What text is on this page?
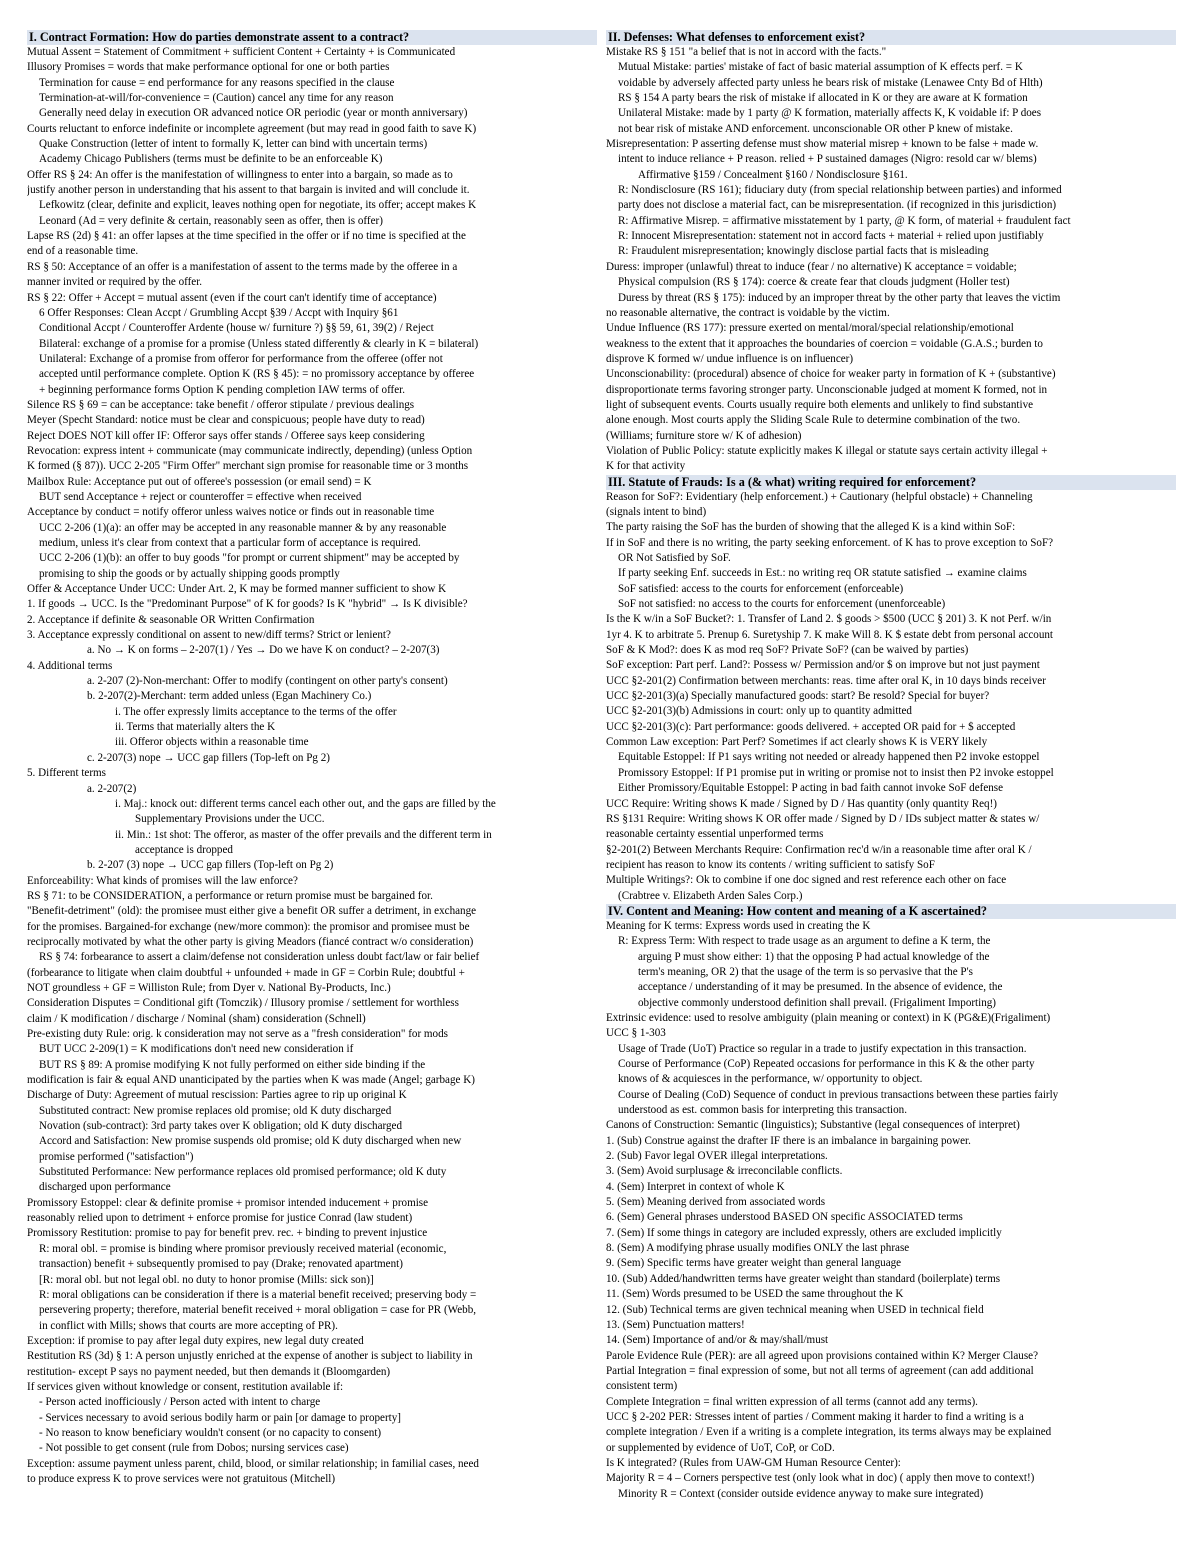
I. Contract Formation: How do parties demonstrate assent to a contract?
Mutual Assent = Statement of Commitment + sufficient Content + Certainty + is Communicated
Illusory Promises = words that make performance optional for one or both parties
Termination for cause = end performance for any reasons specified in the clause
Termination-at-will/for-convenience = (Caution) cancel any time for any reason
Generally need delay in execution OR advanced notice OR periodic (year or month anniversary)
Courts reluctant to enforce indefinite or incomplete agreement (but may read in good faith to save K)
Quake Construction (letter of intent to formally K, letter can bind with uncertain terms)
Academy Chicago Publishers (terms must be definite to be an enforceable K)
Offer RS § 24: An offer is the manifestation of willingness to enter into a bargain, so made as to
justify another person in understanding that his assent to that bargain is invited and will conclude it.
Lefkowitz (clear, definite and explicit, leaves nothing open for negotiate, its offer; accept makes K
Leonard (Ad = very definite & certain, reasonably seen as offer, then is offer)
Lapse RS (2d) § 41: an offer lapses at the time specified in the offer or if no time is specified at the
end of a reasonable time.
RS § 50: Acceptance of an offer is a manifestation of assent to the terms made by the offeree in a
manner invited or required by the offer.
RS § 22: Offer + Accept = mutual assent (even if the court can't identify time of acceptance)
6 Offer Responses: Clean Accpt / Grumbling Accpt §39 / Accpt with Inquiry §61
Conditional Accpt / Counteroffer Ardente (house w/ furniture ?) §§ 59, 61, 39(2) / Reject
Bilateral: exchange of a promise for a promise (Unless stated differently & clearly in K = bilateral)
Unilateral: Exchange of a promise from offeror for performance from the offeree (offer not
accepted until performance complete. Option K (RS § 45): = no promissory acceptance by offeree
+ beginning performance forms Option K pending completion IAW terms of offer.
Silence RS § 69 = can be acceptance: take benefit / offeror stipulate / previous dealings
Meyer (Specht Standard: notice must be clear and conspicuous; people have duty to read)
Reject DOES NOT kill offer IF: Offeror says offer stands / Offeree says keep considering
Revocation: express intent + communicate (may communicate indirectly, depending) (unless Option
K formed (§ 87)). UCC 2-205 "Firm Offer" merchant sign promise for reasonable time or 3 months
Mailbox Rule: Acceptance put out of offeree's possession (or email send) = K
BUT send Acceptance + reject or counteroffer = effective when received
Acceptance by conduct = notify offeror unless waives notice or finds out in reasonable time
UCC 2-206 (1)(a): an offer may be accepted in any reasonable manner & by any reasonable
medium, unless it's clear from context that a particular form of acceptance is required.
UCC 2-206 (1)(b): an offer to buy goods "for prompt or current shipment" may be accepted by
promising to ship the goods or by actually shipping goods promptly
Offer & Acceptance Under UCC: Under Art. 2, K may be formed manner sufficient to show K
1. If goods → UCC. Is the "Predominant Purpose" of K for goods? Is K "hybrid" → Is K divisible?
2. Acceptance if definite & seasonable OR Written Confirmation
3. Acceptance expressly conditional on assent to new/diff terms? Strict or lenient?
a. No → K on forms – 2-207(1) / Yes → Do we have K on conduct? – 2-207(3)
4. Additional terms
a. 2-207 (2)-Non-merchant: Offer to modify (contingent on other party's consent)
b. 2-207(2)-Merchant: term added unless (Egan Machinery Co.)
i. The offer expressly limits acceptance to the terms of the offer
ii. Terms that materially alters the K
iii. Offeror objects within a reasonable time
c. 2-207(3) nope → UCC gap fillers (Top-left on Pg 2)
5. Different terms
a. 2-207(2)
i. Maj.: knock out: different terms cancel each other out, and the gaps are filled by the
Supplementary Provisions under the UCC.
ii. Min.: 1st shot: The offeror, as master of the offer prevails and the different term in
acceptance is dropped
b. 2-207 (3) nope → UCC gap fillers (Top-left on Pg 2)
Enforceability: What kinds of promises will the law enforce?
RS § 71: to be CONSIDERATION, a performance or return promise must be bargained for.
"Benefit-detriment" (old): the promisee must either give a benefit OR suffer a detriment, in exchange
for the promises. Bargained-for exchange (new/more common): the promisor and promisee must be
reciprocally motivated by what the other party is giving Meadors (fiancé contract w/o consideration)
RS § 74: forbearance to assert a claim/defense not consideration unless doubt fact/law or fair belief
(forbearance to litigate when claim doubtful + unfounded + made in GF = Corbin Rule; doubtful +
NOT groundless + GF = Williston Rule; from Dyer v. National By-Products, Inc.)
Consideration Disputes = Conditional gift (Tomczik) / Illusory promise / settlement for worthless
claim / K modification / discharge / Nominal (sham) consideration (Schnell)
Pre-existing duty Rule: orig. k consideration may not serve as a "fresh consideration" for mods
BUT UCC 2-209(1) = K modifications don't need new consideration if
BUT RS § 89: A promise modifying K not fully performed on either side binding if the
modification is fair & equal AND unanticipated by the parties when K was made (Angel; garbage K)
Discharge of Duty: Agreement of mutual rescission: Parties agree to rip up original K
Substituted contract: New promise replaces old promise; old K duty discharged
Novation (sub-contract): 3rd party takes over K obligation; old K duty discharged
Accord and Satisfaction: New promise suspends old promise; old K duty discharged when new
promise performed ("satisfaction")
Substituted Performance: New performance replaces old promised performance; old K duty
discharged upon performance
Promissory Estoppel: clear & definite promise + promisor intended inducement + promise
reasonably relied upon to detriment + enforce promise for justice Conrad (law student)
Promissory Restitution: promise to pay for benefit prev. rec. + binding to prevent injustice
R: moral obl. = promise is binding where promisor previously received material (economic,
transaction) benefit + subsequently promised to pay (Drake; renovated apartment)
[R: moral obl. but not legal obl. no duty to honor promise (Mills: sick son)]
R: moral obligations can be consideration if there is a material benefit received; preserving body =
persevering property; therefore, material benefit received + moral obligation = case for PR (Webb,
in conflict with Mills; shows that courts are more accepting of PR).
Exception: if promise to pay after legal duty expires, new legal duty created
Restitution RS (3d) § 1: A person unjustly enriched at the expense of another is subject to liability in
restitution- except P says no payment needed, but then demands it (Bloomgarden)
If services given without knowledge or consent, restitution available if:
- Person acted inofficiously / Person acted with intent to charge
- Services necessary to avoid serious bodily harm or pain [or damage to property]
- No reason to know beneficiary wouldn't consent (or no capacity to consent)
- Not possible to get consent (rule from Dobos; nursing services case)
Exception: assume payment unless parent, child, blood, or similar relationship; in familial cases, need
to produce express K to prove services were not gratuitous (Mitchell)
II. Defenses: What defenses to enforcement exist?
Mistake RS § 151 "a belief that is not in accord with the facts."
Mutual Mistake: parties' mistake of fact of basic material assumption of K effects perf. = K
voidable by adversely affected party unless he bears risk of mistake (Lenawee Cnty Bd of Hlth)
RS § 154 A party bears the risk of mistake if allocated in K or they are aware at K formation
Unilateral Mistake: made by 1 party @ K formation, materially affects K, K voidable if: P does
not bear risk of mistake AND enforcement. unconscionable OR other P knew of mistake.
Misrepresentation: P asserting defense must show material misrep + known to be false + made w.
intent to induce reliance + P reason. relied + P sustained damages (Nigro: resold car w/ blems)
Affirmative §159 / Concealment §160 / Nondisclosure §161.
R: Nondisclosure (RS 161); fiduciary duty (from special relationship between parties) and informed
party does not disclose a material fact, can be misrepresentation. (if recognized in this jurisdiction)
R: Affirmative Misrep. = affirmative misstatement by 1 party, @ K form, of material + fraudulent fact
R: Innocent Misrepresentation: statement not in accord facts + material + relied upon justifiably
R: Fraudulent misrepresentation; knowingly disclose partial facts that is misleading
Duress: improper (unlawful) threat to induce (fear / no alternative) K acceptance = voidable;
Physical compulsion (RS § 174): coerce & create fear that clouds judgment (Holler test)
Duress by threat (RS § 175): induced by an improper threat by the other party that leaves the victim
no reasonable alternative, the contract is voidable by the victim.
Undue Influence (RS 177): pressure exerted on mental/moral/special relationship/emotional
weakness to the extent that it approaches the boundaries of coercion = voidable (G.A.S.; burden to
disprove K formed w/ undue influence is on influencer)
Unconscionability: (procedural) absence of choice for weaker party in formation of K + (substantive)
disproportionate terms favoring stronger party. Unconscionable judged at moment K formed, not in
light of subsequent events. Courts usually require both elements and unlikely to find substantive
alone enough. Most courts apply the Sliding Scale Rule to determine combination of the two.
(Williams; furniture store w/ K of adhesion)
Violation of Public Policy: statute explicitly makes K illegal or statute says certain activity illegal +
K for that activity
III. Statute of Frauds: Is a (& what) writing required for enforcement?
Reason for SoF?: Evidentiary (help enforcement.) + Cautionary (helpful obstacle) + Channeling
(signals intent to bind)
The party raising the SoF has the burden of showing that the alleged K is a kind within SoF:
If in SoF and there is no writing, the party seeking enforcement. of K has to prove exception to SoF?
OR Not Satisfied by SoF.
If party seeking Enf. succeeds in Est.: no writing req OR statute satisfied → examine claims
SoF satisfied: access to the courts for enforcement (enforceable)
SoF not satisfied: no access to the courts for enforcement (unenforceable)
Is the K w/in a SoF Bucket?: 1. Transfer of Land 2. $ goods > $500 (UCC § 201) 3. K not Perf. w/in
1yr 4. K to arbitrate 5. Prenup 6. Suretyship 7. K make Will 8. K $ estate debt from personal account
SoF & K Mod?: does K as mod req SoF? Private SoF? (can be waived by parties)
SoF exception: Part perf. Land?: Possess w/ Permission and/or $ on improve but not just payment
UCC §2-201(2) Confirmation between merchants: reas. time after oral K, in 10 days binds receiver
UCC §2-201(3)(a) Specially manufactured goods: start? Be resold? Special for buyer?
UCC §2-201(3)(b) Admissions in court: only up to quantity admitted
UCC §2-201(3)(c): Part performance: goods delivered. + accepted OR paid for + $ accepted
Common Law exception: Part Perf? Sometimes if act clearly shows K is VERY likely
Equitable Estoppel: If P1 says writing not needed or already happened then P2 invoke estoppel
Promissory Estoppel: If P1 promise put in writing or promise not to insist then P2 invoke estoppel
Either Promissory/Equitable Estoppel: P acting in bad faith cannot invoke SoF defense
UCC Require: Writing shows K made / Signed by D / Has quantity (only quantity Req!)
RS §131 Require: Writing shows K OR offer made / Signed by D / IDs subject matter & states w/
reasonable certainty essential unperformed terms
§2-201(2) Between Merchants Require: Confirmation rec'd w/in a reasonable time after oral K /
recipient has reason to know its contents / writing sufficient to satisfy SoF
Multiple Writings?: Ok to combine if one doc signed and rest reference each other on face
(Crabtree v. Elizabeth Arden Sales Corp.)
IV. Content and Meaning: How content and meaning of a K ascertained?
Meaning for K terms: Express words used in creating the K
R: Express Term: With respect to trade usage as an argument to define a K term, the
arguing P must show either: 1) that the opposing P had actual knowledge of the
term's meaning, OR 2) that the usage of the term is so pervasive that the P's
acceptance / understanding of it may be presumed. In the absence of evidence, the
objective commonly understood definition shall prevail. (Frigaliment Importing)
Extrinsic evidence: used to resolve ambiguity (plain meaning or context) in K (PG&E)(Frigaliment)
UCC § 1-303
Usage of Trade (UoT) Practice so regular in a trade to justify expectation in this transaction.
Course of Performance (CoP) Repeated occasions for performance in this K & the other party
knows of & acquiesces in the performance, w/ opportunity to object.
Course of Dealing (CoD) Sequence of conduct in previous transactions between these parties fairly
understood as est. common basis for interpreting this transaction.
Canons of Construction: Semantic (linguistics); Substantive (legal consequences of interpret)
1. (Sub) Construe against the drafter IF there is an imbalance in bargaining power.
2. (Sub) Favor legal OVER illegal interpretations.
3. (Sem) Avoid surplusage & irreconcilable conflicts.
4. (Sem) Interpret in context of whole K
5. (Sem) Meaning derived from associated words
6. (Sem) General phrases understood BASED ON specific ASSOCIATED terms
7. (Sem) If some things in category are included expressly, others are excluded implicitly
8. (Sem) A modifying phrase usually modifies ONLY the last phrase
9. (Sem) Specific terms have greater weight than general language
10. (Sub) Added/handwritten terms have greater weight than standard (boilerplate) terms
11. (Sem) Words presumed to be USED the same throughout the K
12. (Sub) Technical terms are given technical meaning when USED in technical field
13. (Sem) Punctuation matters!
14. (Sem) Importance of and/or & may/shall/must
Parole Evidence Rule (PER): are all agreed upon provisions contained within K? Merger Clause?
Partial Integration = final expression of some, but not all terms of agreement (can add additional
consistent term)
Complete Integration = final written expression of all terms (cannot add any terms).
UCC § 2-202 PER: Stresses intent of parties / Comment making it harder to find a writing is a
complete integration / Even if a writing is a complete integration, its terms always may be explained
or supplemented by evidence of UoT, CoP, or CoD.
Is K integrated? (Rules from UAW-GM Human Resource Center):
Majority R = 4 – Corners perspective test (only look what in doc) ( apply then move to context!)
Minority R = Context (consider outside evidence anyway to make sure integrated)
